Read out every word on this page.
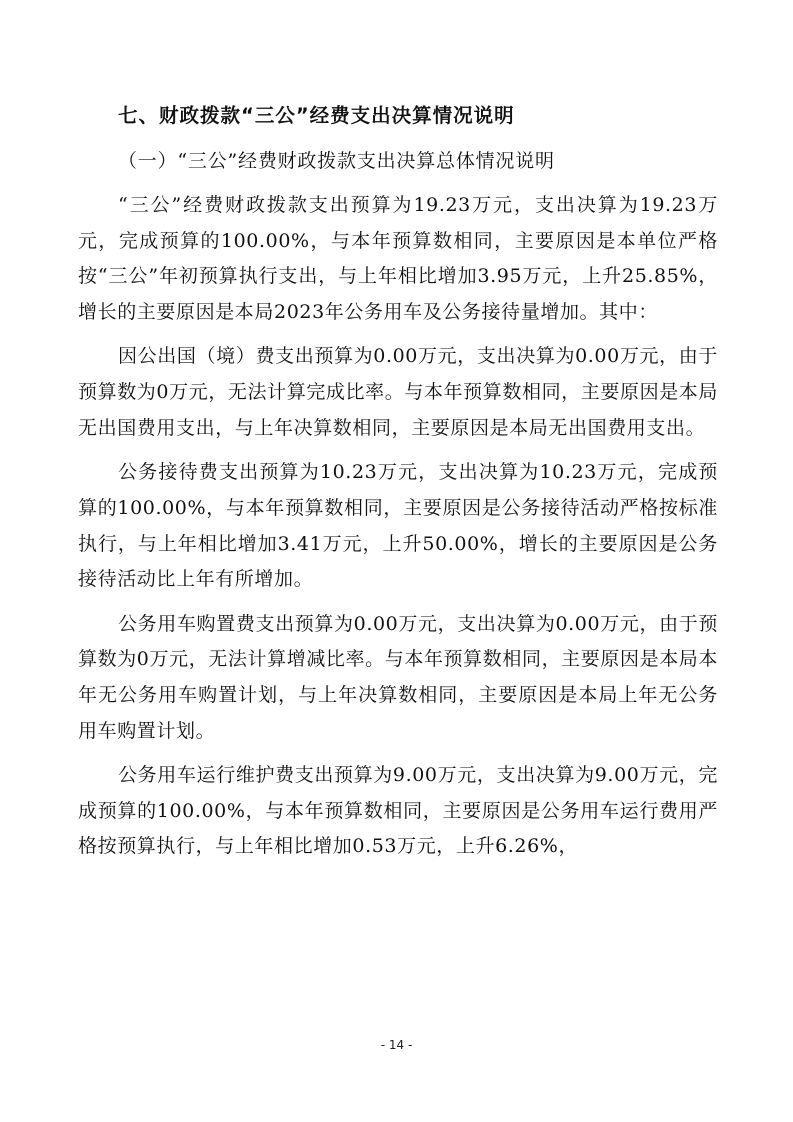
七、财政拨款“三公”经费支出决算情况说明
（一）“三公”经费财政拨款支出决算总体情况说明

“三公”经费财政拨款支出预算为19.23万元，支出决算为19.23万元，完成预算的100.00%，与本年预算数相同，主要原因是本单位严格按“三公”年初预算执行支出，与上年相比增加3.95万元，上升25.85%，增长的主要原因是本局2023年公务用车及公务接待量增加。其中：

因公出国（境）费支出预算为0.00万元，支出决算为0.00万元，由于预算数为0万元，无法计算完成比率。与本年预算数相同，主要原因是本局无出国费用支出，与上年决算数相同，主要原因是本局无出国费用支出。

公务接待费支出预算为10.23万元，支出决算为10.23万元，完成预算的100.00%，与本年预算数相同，主要原因是公务接待活动严格按标准执行，与上年相比增加3.41万元，上升50.00%，增长的主要原因是公务接待活动比上年有所增加。

公务用车购置费支出预算为0.00万元，支出决算为0.00万元，由于预算数为0万元，无法计算增减比率。与本年预算数相同，主要原因是本局本年无公务用车购置计划，与上年决算数相同，主要原因是本局上年无公务用车购置计划。

公务用车运行维护费支出预算为9.00万元，支出决算为9.00万元，完成预算的100.00%，与本年预算数相同，主要原因是公务用车运行费用严格按预算执行，与上年相比增加0.53万元，上升6.26%，

- 14 -
